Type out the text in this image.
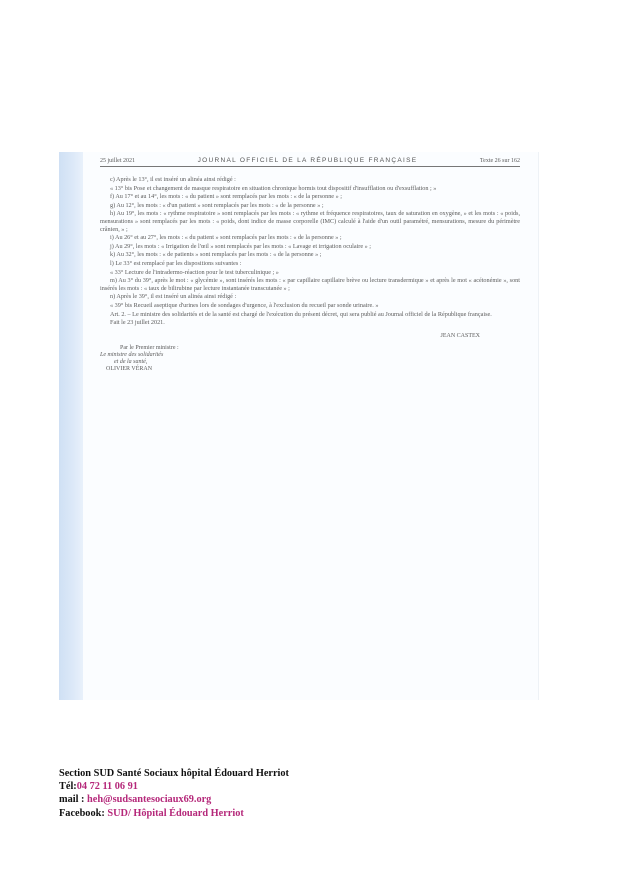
25 juillet 2021	JOURNAL OFFICIEL DE LA RÉPUBLIQUE FRANÇAISE	Texte 26 sur 162

c) Après le 13°, il est inséré un alinéa ainsi rédigé :

« 13° bis Pose et changement de masque respiratoire en situation chronique hormis tout dispositif d'insufflation ou d'exsufflation ; »

f) Au 17° et au 14°, les mots : « du patient » sont remplacés par les mots : « de la personne » ;

g) Au 12°, les mots : « d'un patient » sont remplacés par les mots : « de la personne » ;

h) Au 19°, les mots : « rythme respiratoire » sont remplacés par les mots : « rythme et fréquence respiratoires, taux de saturation en oxygène, » et les mots : « poids, mensurations » sont remplacés par les mots : « poids, dont indice de masse corporelle (IMC) calculé à l'aide d'un outil paramétré, mensurations, mesure du périmètre crânien, » ;

i) Au 26° et au 27°, les mots : « du patient » sont remplacés par les mots : « de la personne » ;

j) Au 29°, les mots : « Irrigation de l'œil » sont remplacés par les mots : « Lavage et irrigation oculaire » ;

k) Au 32°, les mots : « de patients » sont remplacés par les mots : « de la personne » ;

l) Le 33° est remplacé par les dispositions suivantes :

« 33° Lecture de l'intradermo-réaction pour le test tuberculinique ; »

m) Au 3° du 39°, après le mot : « glycémie », sont insérés les mots : « par capillaire capillaire brève ou lecture transdermique » et après le mot « acétonémie », sont insérés les mots : « taux de bilirubine par lecture instantanée transcutanée » ;

n) Après le 39°, il est inséré un alinéa ainsi rédigé :

« 39° bis Recueil aseptique d'urines lors de sondages d'urgence, à l'exclusion du recueil par sonde urinaire. »

Art. 2. – Le ministre des solidarités et de la santé est chargé de l'exécution du présent décret, qui sera publié au Journal officiel de la République française.

Fait le 23 juillet 2021.

JEAN CASTEX
Par le Premier ministre :
Le ministre des solidarités
et de la santé,
OLIVIER VÉRAN
Section SUD Santé Sociaux hôpital Édouard Herriot
Tél:04 72 11 06 91
mail : heh@sudsantesociaux69.org
Facebook: SUD/ Hôpital Édouard Herriot
